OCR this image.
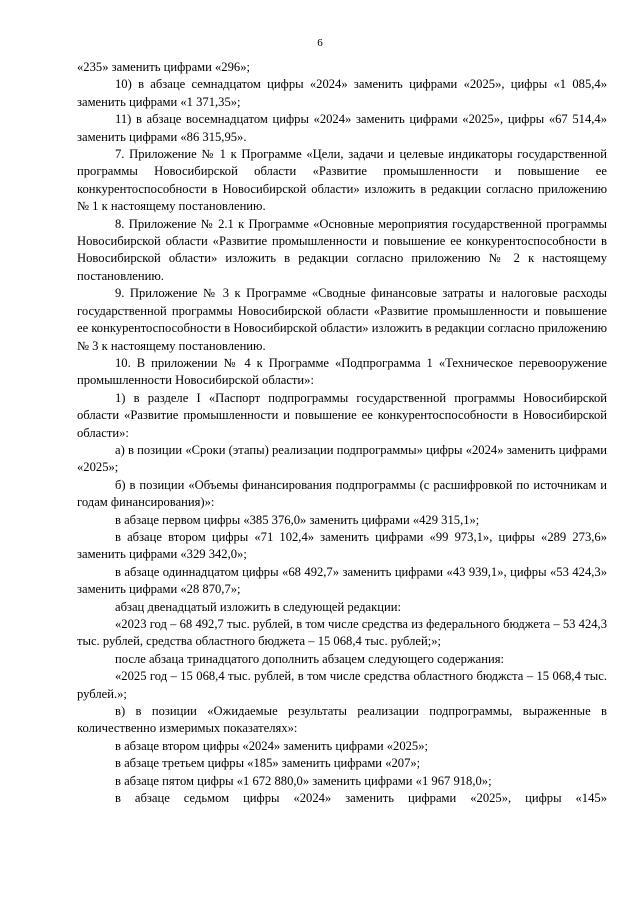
6

«235» заменить цифрами «296»;

10) в абзаце семнадцатом цифры «2024» заменить цифрами «2025», цифры «1 085,4» заменить цифрами «1 371,35»;

11) в абзаце восемнадцатом цифры «2024» заменить цифрами «2025», цифры «67 514,4» заменить цифрами «86 315,95».

7. Приложение № 1 к Программе «Цели, задачи и целевые индикаторы государственной программы Новосибирской области «Развитие промышленности и повышение ее конкурентоспособности в Новосибирской области» изложить в редакции согласно приложению № 1 к настоящему постановлению.

8. Приложение № 2.1 к Программе «Основные мероприятия государственной программы Новосибирской области «Развитие промышленности и повышение ее конкурентоспособности в Новосибирской области» изложить в редакции согласно приложению № 2 к настоящему постановлению.

9. Приложение № 3 к Программе «Сводные финансовые затраты и налоговые расходы государственной программы Новосибирской области «Развитие промышленности и повышение ее конкурентоспособности в Новосибирской области» изложить в редакции согласно приложению № 3 к настоящему постановлению.

10. В приложении № 4 к Программе «Подпрограмма 1 «Техническое перевооружение промышленности Новосибирской области»:

1) в разделе I «Паспорт подпрограммы государственной программы Новосибирской области «Развитие промышленности и повышение ее конкурентоспособности в Новосибирской области»:

а) в позиции «Сроки (этапы) реализации подпрограммы» цифры «2024» заменить цифрами «2025»;

б) в позиции «Объемы финансирования подпрограммы (с расшифровкой по источникам и годам финансирования)»:

в абзаце первом цифры «385 376,0» заменить цифрами «429 315,1»;

в абзаце втором цифры «71 102,4» заменить цифрами «99 973,1», цифры «289 273,6» заменить цифрами «329 342,0»;

в абзаце одиннадцатом цифры «68 492,7» заменить цифрами «43 939,1», цифры «53 424,3» заменить цифрами «28 870,7»;

абзац двенадцатый изложить в следующей редакции:

«2023 год – 68 492,7 тыс. рублей, в том числе средства из федерального бюджета – 53 424,3 тыс. рублей, средства областного бюджета – 15 068,4 тыс. рублей;»;

после абзаца тринадцатого дополнить абзацем следующего содержания:

«2025 год – 15 068,4 тыс. рублей, в том числе средства областного бюджста – 15 068,4 тыс. рублей.»;

в) в позиции «Ожидаемые результаты реализации подпрограммы, выраженные в количественно измеримых показателях»:

в абзаце втором цифры «2024» заменить цифрами «2025»;

в абзаце третьем цифры «185» заменить цифрами «207»;

в абзаце пятом цифры «1 672 880,0» заменить цифрами «1 967 918,0»;

в абзаце седьмом цифры «2024» заменить цифрами «2025», цифры «145»
